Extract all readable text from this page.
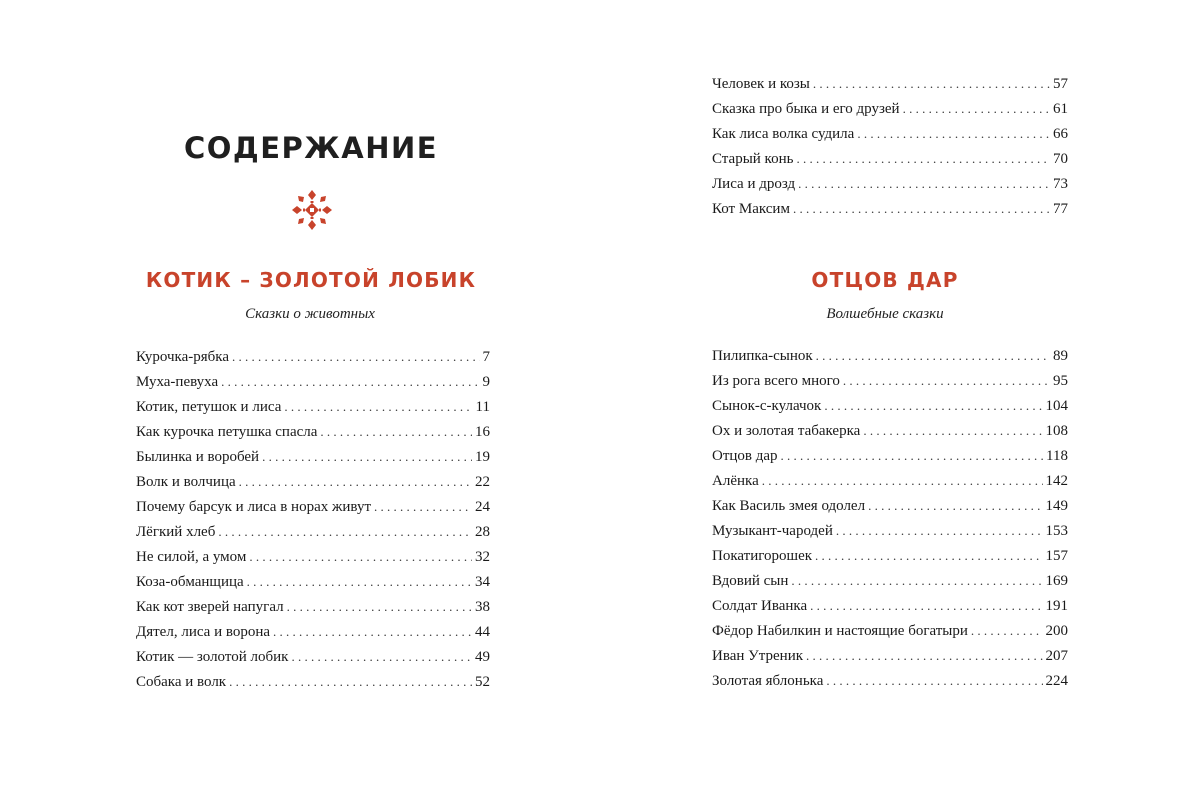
СОДЕРЖАНИЕ
КОТИК – ЗОЛОТОЙ ЛОБИК

Сказки о животных

Курочка-рябка . . .	7
Муха-певуха . . .	9
Котик, петушок и лиса . . .	11
Как курочка петушка спасла . . .	16
Былинка и воробей . . .	19
Волк и волчица . . .	22
Почему барсук и лиса в норах живут . . .	24
Лёгкий хлеб . . .	28
Не силой, а умом . . .	32
Коза-обманщица . . .	34
Как кот зверей напугал . . .	38
Дятел, лиса и ворона . . .	44
Котик — золотой лобик . . .	49
Собака и волк . . .	52
Человек и козы . . .	57
Сказка про быка и его друзей . . .	61
Как лиса волка судила . . .	66
Старый конь . . .	70
Лиса и дрозд . . .	73
Кот Максим . . .	77
ОТЦОВ ДАР

Волшебные сказки

Пилипка-сынок . . .	89
Из рога всего много . . .	95
Сынок-с-кулачок . . .	104
Ох и золотая табакерка . . .	108
Отцов дар . . .	118
Алёнка . . .	142
Как Василь змея одолел . . .	149
Музыкант-чародей . . .	153
Покатигорошек . . .	157
Вдовий сын . . .	169
Солдат Иванка . . .	191
Фёдор Набилкин и настоящие богатыри . . .	200
Иван Утреник . . .	207
Золотая яблонька . . .	224
